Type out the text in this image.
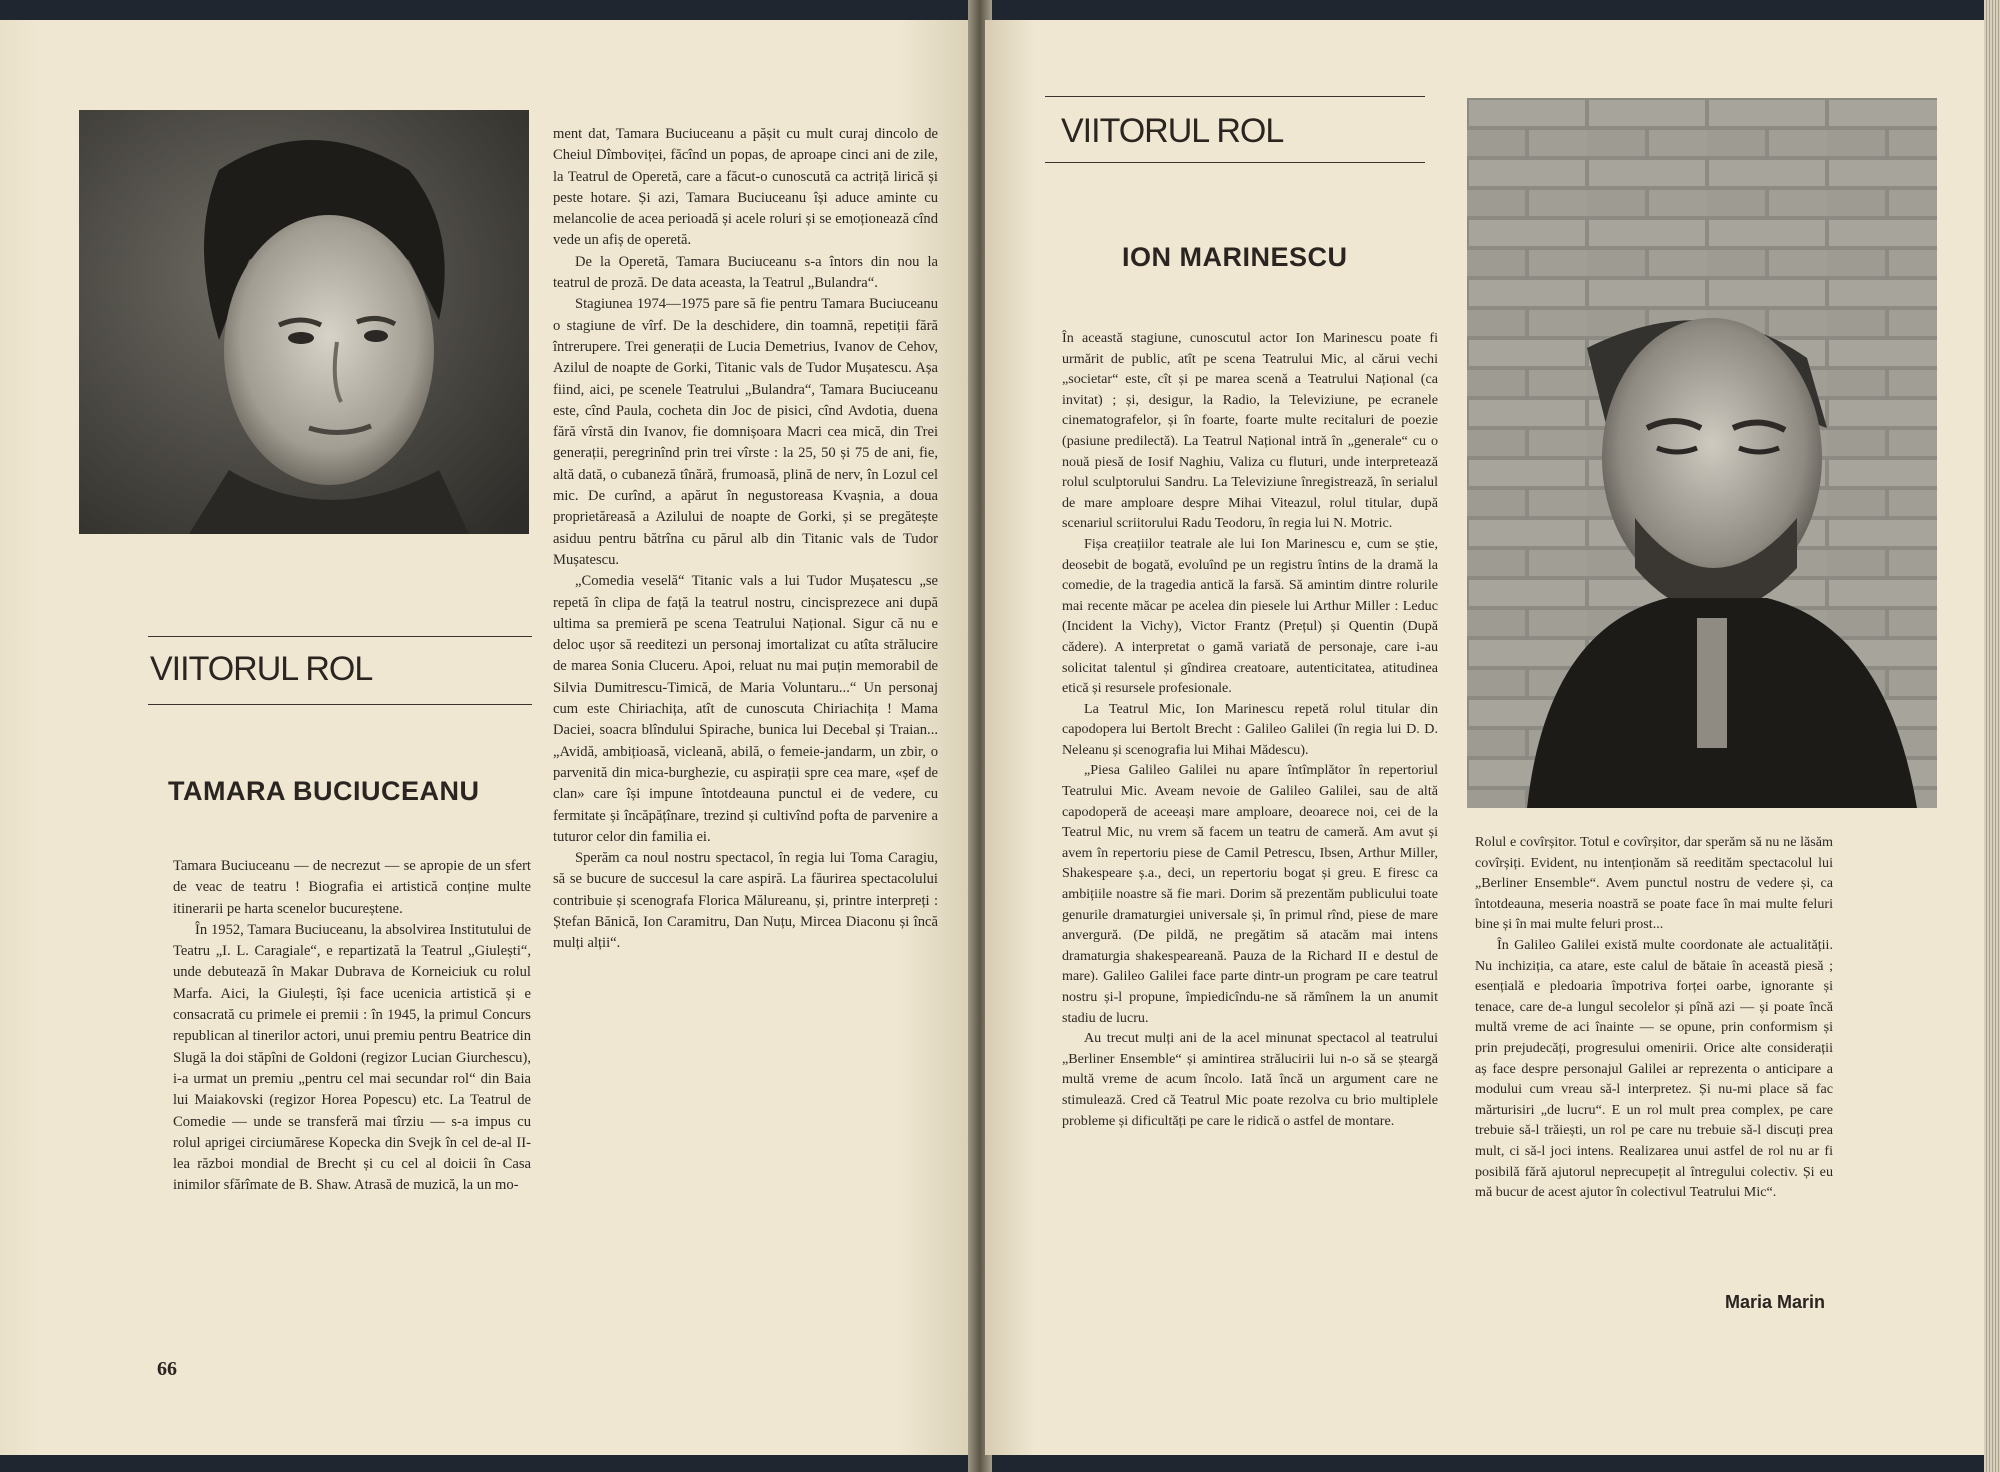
VIITORUL ROL
TAMARA BUCIUCEANU

Tamara Buciuceanu — de necrezut — se apropie de un sfert de veac de teatru ! Biografia ei artistică conține multe itinerarii pe harta scenelor bucureștene.

În 1952, Tamara Buciuceanu, la absolvirea Institutului de Teatru „I. L. Caragiale“, e repartizată la Teatrul „Giulești“, unde debutează în Makar Dubrava de Korneiciuk cu rolul Marfa. Aici, la Giulești, își face ucenicia artistică și e consacrată cu primele ei premii : în 1945, la primul Concurs republican al tinerilor actori, unui premiu pentru Beatrice din Slugă la doi stăpîni de Goldoni (regizor Lucian Giurchescu), i-a urmat un premiu „pentru cel mai secundar rol“ din Baia lui Maiakovski (regizor Horea Popescu) etc. La Teatrul de Comedie — unde se transferă mai tîrziu — s-a impus cu rolul aprigei circiumărese Kopecka din Svejk în cel de-al II-lea război mondial de Brecht și cu cel al doicii în Casa inimilor sfărîmate de B. Shaw. Atrasă de muzică, la un mo-

ment dat, Tamara Buciuceanu a pășit cu mult curaj dincolo de Cheiul Dîmboviței, făcînd un popas, de aproape cinci ani de zile, la Teatrul de Operetă, care a făcut-o cunoscută ca actriță lirică și peste hotare. Și azi, Tamara Buciuceanu își aduce aminte cu melancolie de acea perioadă și acele roluri și se emoționează cînd vede un afiș de operetă.

De la Operetă, Tamara Buciuceanu s-a întors din nou la teatrul de proză. De data aceasta, la Teatrul „Bulandra“.

Stagiunea 1974—1975 pare să fie pentru Tamara Buciuceanu o stagiune de vîrf. De la deschidere, din toamnă, repetiții fără întrerupere. Trei generații de Lucia Demetrius, Ivanov de Cehov, Azilul de noapte de Gorki, Titanic vals de Tudor Mușatescu. Așa fiind, aici, pe scenele Teatrului „Bulandra“, Tamara Buciuceanu este, cînd Paula, cocheta din Joc de pisici, cînd Avdotia, duena fără vîrstă din Ivanov, fie domnișoara Macri cea mică, din Trei generații, peregrinînd prin trei vîrste : la 25, 50 și 75 de ani, fie, altă dată, o cubaneză tînără, frumoasă, plină de nerv, în Lozul cel mic. De curînd, a apărut în negustoreasa Kvașnia, a doua proprietăreasă a Azilului de noapte de Gorki, și se pregătește asiduu pentru bătrîna cu părul alb din Titanic vals de Tudor Mușatescu.

„Comedia veselă“ Titanic vals a lui Tudor Mușatescu „se repetă în clipa de față la teatrul nostru, cincisprezece ani după ultima sa premieră pe scena Teatrului Național. Sigur că nu e deloc ușor să reeditezi un personaj imortalizat cu atîta strălucire de marea Sonia Cluceru. Apoi, reluat nu mai puțin memorabil de Silvia Dumitrescu-Timică, de Maria Voluntaru...“ Un personaj cum este Chiriachița, atît de cunoscuta Chiriachița ! Mama Daciei, soacra blîndului Spirache, bunica lui Decebal și Traian... „Avidă, ambițioasă, vicleană, abilă, o femeie-jandarm, un zbir, o parvenită din mica-burghezie, cu aspirații spre cea mare, «șef de clan» care își impune întotdeauna punctul ei de vedere, cu fermitate și încăpățînare, trezind și cultivînd pofta de parvenire a tuturor celor din familia ei.

Sperăm ca noul nostru spectacol, în regia lui Toma Caragiu, să se bucure de succesul la care aspiră. La făurirea spectacolului contribuie și scenografa Florica Mălureanu, și, printre interpreți : Ștefan Bănică, Ion Caramitru, Dan Nuțu, Mircea Diaconu și încă mulți alții“.

66
VIITORUL ROL
ION MARINESCU

În această stagiune, cunoscutul actor Ion Marinescu poate fi urmărit de public, atît pe scena Teatrului Mic, al cărui vechi „societar“ este, cît și pe marea scenă a Teatrului Național (ca invitat) ; și, desigur, la Radio, la Televiziune, pe ecranele cinematografelor, și în foarte, foarte multe recitaluri de poezie (pasiune predilectă). La Teatrul Național intră în „generale“ cu o nouă piesă de Iosif Naghiu, Valiza cu fluturi, unde interpretează rolul sculptorului Sandru. La Televiziune înregistrează, în serialul de mare amploare despre Mihai Viteazul, rolul titular, după scenariul scriitorului Radu Teodoru, în regia lui N. Motric.

Fișa creațiilor teatrale ale lui Ion Marinescu e, cum se știe, deosebit de bogată, evoluînd pe un registru întins de la dramă la comedie, de la tragedia antică la farsă. Să amintim dintre rolurile mai recente măcar pe acelea din piesele lui Arthur Miller : Leduc (Incident la Vichy), Victor Frantz (Prețul) și Quentin (După cădere). A interpretat o gamă variată de personaje, care i-au solicitat talentul și gîndirea creatoare, autenticitatea, atitudinea etică și resursele profesionale.

La Teatrul Mic, Ion Marinescu repetă rolul titular din capodopera lui Bertolt Brecht : Galileo Galilei (în regia lui D. D. Neleanu și scenografia lui Mihai Mădescu).

„Piesa Galileo Galilei nu apare întîmplător în repertoriul Teatrului Mic. Aveam nevoie de Galileo Galilei, sau de altă capodoperă de aceeași mare amploare, deoarece noi, cei de la Teatrul Mic, nu vrem să facem un teatru de cameră. Am avut și avem în repertoriu piese de Camil Petrescu, Ibsen, Arthur Miller, Shakespeare ș.a., deci, un repertoriu bogat și greu. E firesc ca ambițiile noastre să fie mari. Dorim să prezentăm publicului toate genurile dramaturgiei universale și, în primul rînd, piese de mare anvergură. (De pildă, ne pregătim să atacăm mai intens dramaturgia shakespeareană. Pauza de la Richard II e destul de mare). Galileo Galilei face parte dintr-un program pe care teatrul nostru și-l propune, împiedicîndu-ne să rămînem la un anumit stadiu de lucru.

Au trecut mulți ani de la acel minunat spectacol al teatrului „Berliner Ensemble“ și amintirea strălucirii lui n-o să se șteargă multă vreme de acum încolo. Iată încă un argument care ne stimulează. Cred că Teatrul Mic poate rezolva cu brio multiplele probleme și dificultăți pe care le ridică o astfel de montare.

Rolul e covîrșitor. Totul e covîrșitor, dar sperăm să nu ne lăsăm covîrșiți. Evident, nu intenționăm să reedităm spectacolul lui „Berliner Ensemble“. Avem punctul nostru de vedere și, ca întotdeauna, meseria noastră se poate face în mai multe feluri bine și în mai multe feluri prost...

În Galileo Galilei există multe coordonate ale actualității. Nu inchiziția, ca atare, este calul de bătaie în această piesă ; esențială e pledoaria împotriva forței oarbe, ignorante și tenace, care de-a lungul secolelor și pînă azi — și poate încă multă vreme de aci înainte — se opune, prin conformism și prin prejudecăți, progresului omenirii. Orice alte considerații aș face despre personajul Galilei ar reprezenta o anticipare a modului cum vreau să-l interpretez. Și nu-mi place să fac mărturisiri „de lucru“. E un rol mult prea complex, pe care trebuie să-l trăiești, un rol pe care nu trebuie să-l discuți prea mult, ci să-l joci intens. Realizarea unui astfel de rol nu ar fi posibilă fără ajutorul neprecupețit al întregului colectiv. Și eu mă bucur de acest ajutor în colectivul Teatrului Mic“.

Maria Marin
